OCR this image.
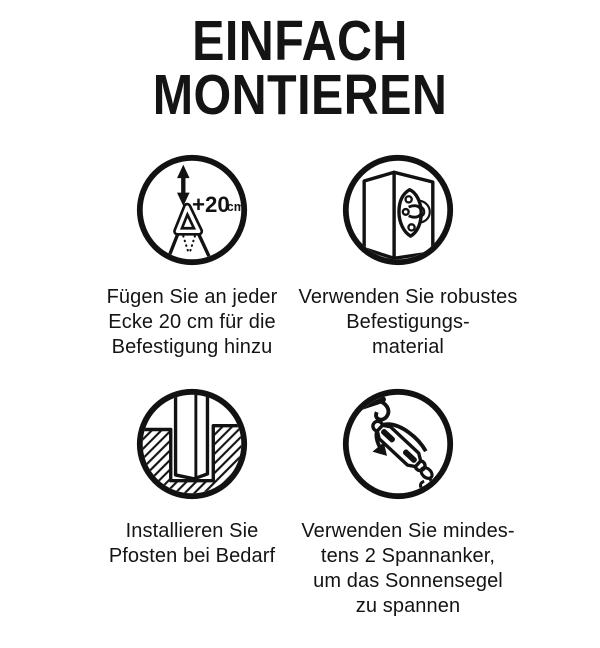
EINFACH
MONTIEREN
+20
cm
Fügen Sie an jeder
Ecke 20 cm für die
Befestigung hinzu
Verwenden Sie robustes
Befestigungs-
material
Installieren Sie
Pfosten bei Bedarf
Verwenden Sie mindes-
tens 2 Spannanker,
um das Sonnensegel
zu spannen
